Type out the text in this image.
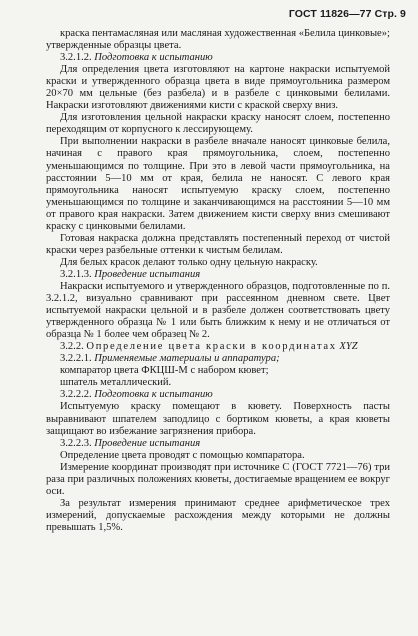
ГОСТ 11826—77 Стр. 9

краска пентамасляная или масляная художественная «Белила цинковые»;

утвержденные образцы цвета.

3.2.1.2. Подготовка к испытанию

Для определения цвета изготовляют на картоне накраски испытуемой краски и утвержденного образца цвета в виде прямоугольника размером 20×70 мм цельные (без разбела) и в разбеле с цинковыми белилами. Накраски изготовляют движениями кисти с краской сверху вниз.

Для изготовления цельной накраски краску наносят слоем, постепенно переходящим от корпусного к лессирующему.

При выполнении накраски в разбеле вначале наносят цинковые белила, начиная с правого края прямоугольника, слоем, постепенно уменьшающимся по толщине. При это в левой части прямоугольника, на расстоянии 5—10 мм от края, белила не наносят. С левого края прямоугольника наносят испытуемую краску слоем, постепенно уменьшающимся по толщине и заканчивающимся на расстоянии 5—10 мм от правого края накраски. Затем движением кисти сверху вниз смешивают краску с цинковыми белилами.

Готовая накраска должна представлять постепенный переход от чистой краски через разбельные оттенки к чистым белилам.

Для белых красок делают только одну цельную накраску.

3.2.1.3. Проведение испытания

Накраски испытуемого и утвержденного образцов, подготовленные по п. 3.2.1.2, визуально сравнивают при рассеянном дневном свете. Цвет испытуемой накраски цельной и в разбеле должен соответствовать цвету утвержденного образца № 1 или быть ближким к нему и не отличаться от образца № 1 более чем образец № 2.

3.2.2. Определение цвета краски в координатах XYZ

3.2.2.1. Применяемые материалы и аппаратура;

компаратор цвета ФКЦШ-М с набором кювет;

шпатель металлический.

3.2.2.2. Подготовка к испытанию

Испытуемую краску помещают в кювету. Поверхность пасты выравнивают шпателем заподлицо с бортиком кюветы, а края кюветы защищают во избежание загрязнения прибора.

3.2.2.3. Проведение испытания

Определение цвета проводят с помощью компаратора.

Измерение координат производят при источнике С (ГОСТ 7721—76) три раза при различных положениях кюветы, достигаемые вращением ее вокруг оси.

За результат измерения принимают среднее арифметическое трех измерений, допускаемые расхождения между которыми не должны превышать 1,5%.
